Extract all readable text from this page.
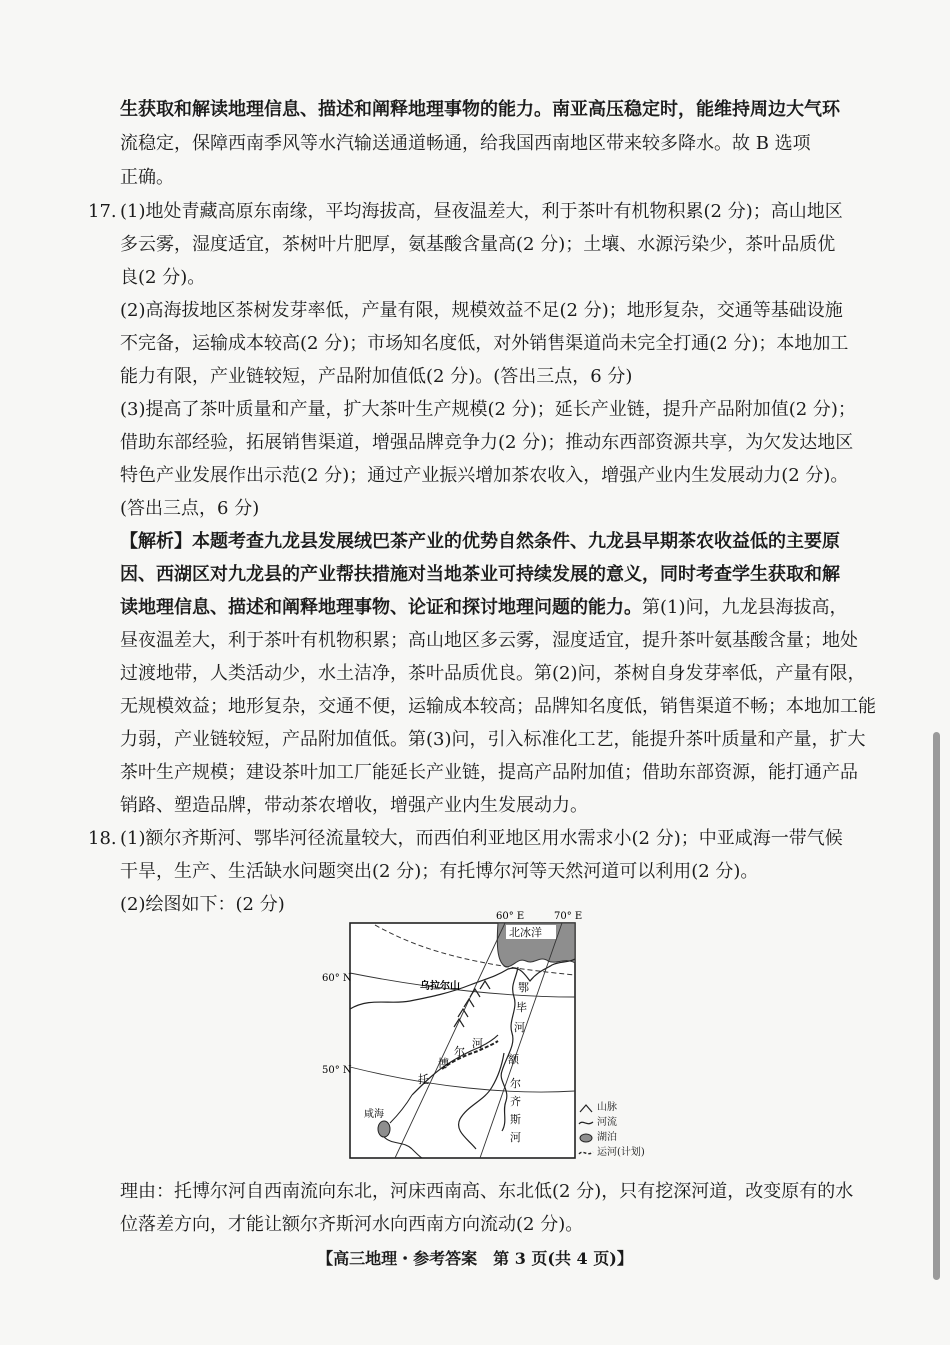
生获取和解读地理信息、描述和阐释地理事物的能力。南亚高压稳定时，能维持周边大气环
流稳定，保障西南季风等水汽输送通道畅通，给我国西南地区带来较多降水。故 B 选项
正确。
17. (1)地处青藏高原东南缘，平均海拔高，昼夜温差大，利于茶叶有机物积累(2 分)；高山地区
多云雾，湿度适宜，茶树叶片肥厚，氨基酸含量高(2 分)；土壤、水源污染少，茶叶品质优
良(2 分)。
(2)高海拔地区茶树发芽率低，产量有限，规模效益不足(2 分)；地形复杂，交通等基础设施
不完备，运输成本较高(2 分)；市场知名度低，对外销售渠道尚未完全打通(2 分)；本地加工
能力有限，产业链较短，产品附加值低(2 分)。(答出三点，6 分)
(3)提高了茶叶质量和产量，扩大茶叶生产规模(2 分)；延长产业链，提升产品附加值(2 分)；
借助东部经验，拓展销售渠道，增强品牌竞争力(2 分)；推动东西部资源共享，为欠发达地区
特色产业发展作出示范(2 分)；通过产业振兴增加茶农收入，增强产业内生发展动力(2 分)。
(答出三点，6 分)
【解析】本题考查九龙县发展绒巴茶产业的优势自然条件、九龙县早期茶农收益低的主要原
因、西湖区对九龙县的产业帮扶措施对当地茶业可持续发展的意义，同时考查学生获取和解
读地理信息、描述和阐释地理事物、论证和探讨地理问题的能力。第(1)问，九龙县海拔高，
昼夜温差大，利于茶叶有机物积累；高山地区多云雾，湿度适宜，提升茶叶氨基酸含量；地处
过渡地带，人类活动少，水土洁净，茶叶品质优良。第(2)问，茶树自身发芽率低，产量有限，
无规模效益；地形复杂，交通不便，运输成本较高；品牌知名度低，销售渠道不畅；本地加工能
力弱，产业链较短，产品附加值低。第(3)问，引入标准化工艺，能提升茶叶质量和产量，扩大
茶叶生产规模；建设茶叶加工厂能延长产业链，提高产品附加值；借助东部资源，能打通产品
销路、塑造品牌，带动茶农增收，增强产业内生发展动力。
18. (1)额尔齐斯河、鄂毕河径流量较大，而西伯利亚地区用水需求小(2 分)；中亚咸海一带气候
干旱，生产、生活缺水问题突出(2 分)；有托博尔河等天然河道可以利用(2 分)。
(2)绘图如下：(2 分)
60° E	70° E
60° N
50° N
北冰洋
乌拉尔山	鄂
毕
河
托
博
尔
河
额
尔
齐
斯
河
咸海
山脉
河流
湖泊
运河(计划)
理由：托博尔河自西南流向东北，河床西南高、东北低(2 分)，只有挖深河道，改变原有的水
位落差方向，才能让额尔齐斯河水向西南方向流动(2 分)。
【高三地理・参考答案　第 3 页(共 4 页)】
